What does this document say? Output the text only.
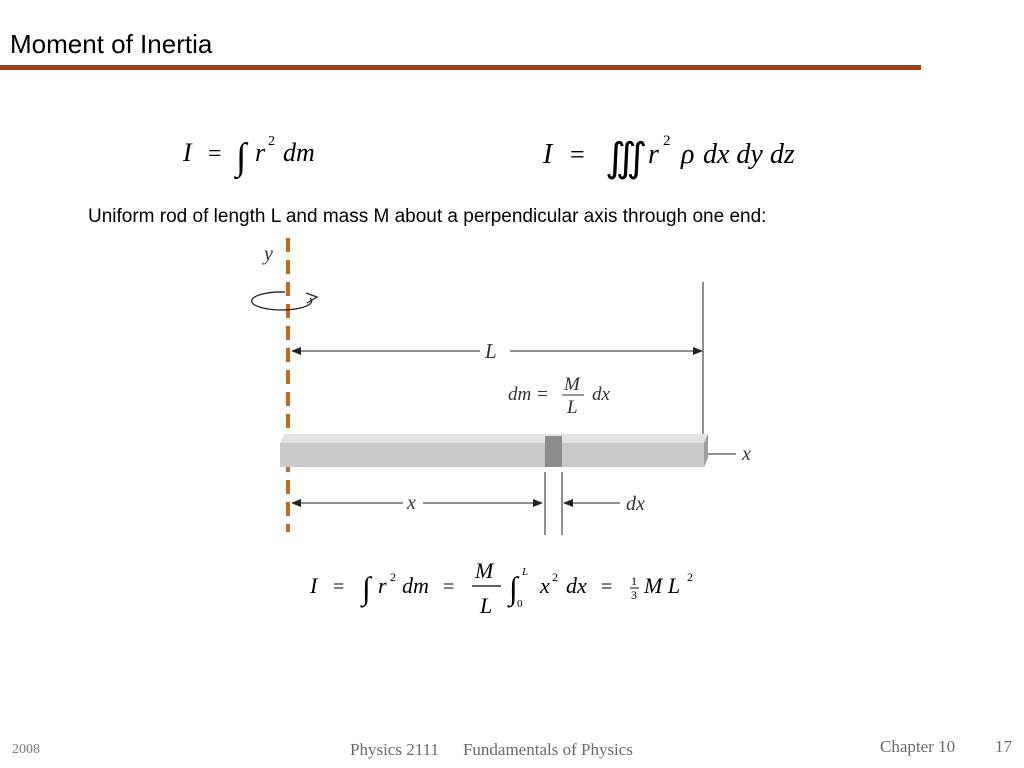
Moment of Inertia
I = ∫ r 2 dm	I = ∭ r 2 ρ dx dy dz
Uniform rod of length L and mass M about a perpendicular axis through one end:
y
L
dm = M
L
dx
x
x	dx
I = ∫ r 2 dm =
M
L ∫ L
0
x 2 dx = 1
3 M L 2
2008	Physics 2111 Fundamentals of Physics	Chapter 10 17
